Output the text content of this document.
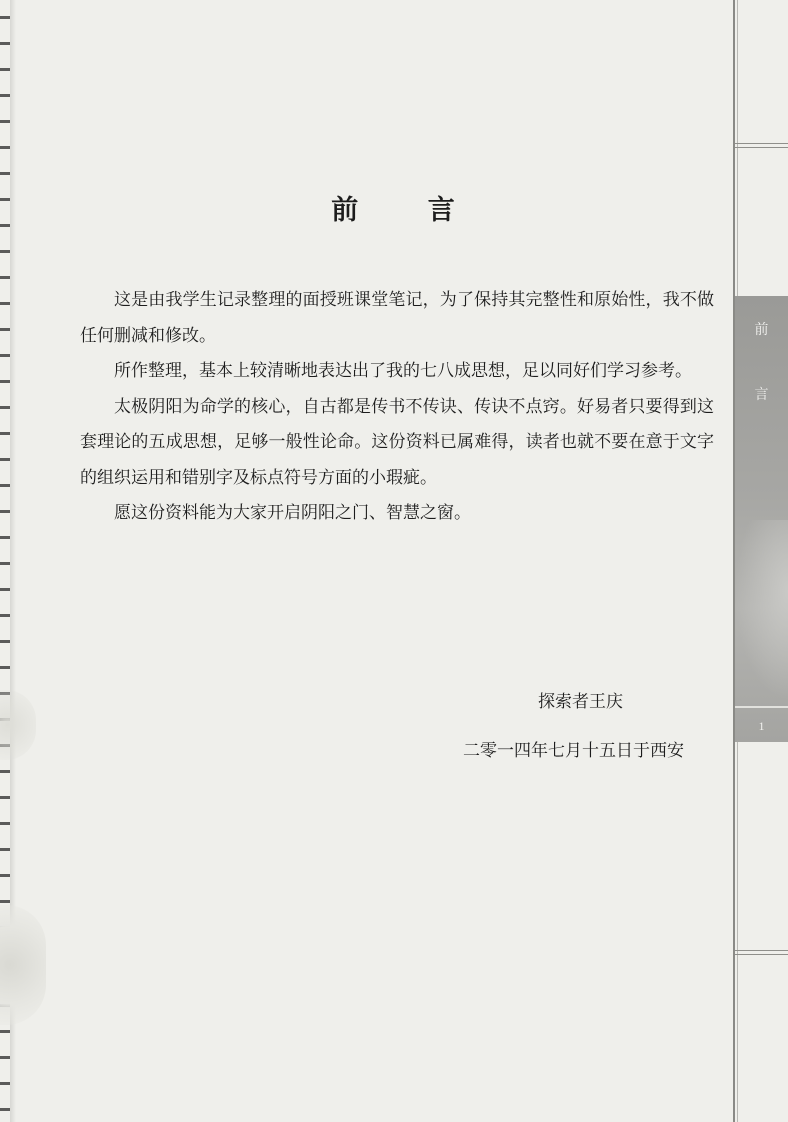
前
言
1
前 言

这是由我学生记录整理的面授班课堂笔记，为了保持其完整性和原始性，我不做任何删减和修改。

所作整理，基本上较清晰地表达出了我的七八成思想，足以同好们学习参考。

太极阴阳为命学的核心，自古都是传书不传诀、传诀不点窍。好易者只要得到这套理论的五成思想，足够一般性论命。这份资料已属难得，读者也就不要在意于文字的组织运用和错别字及标点符号方面的小瑕疵。

愿这份资料能为大家开启阴阳之门、智慧之窗。

探索者王庆
二零一四年七月十五日于西安
